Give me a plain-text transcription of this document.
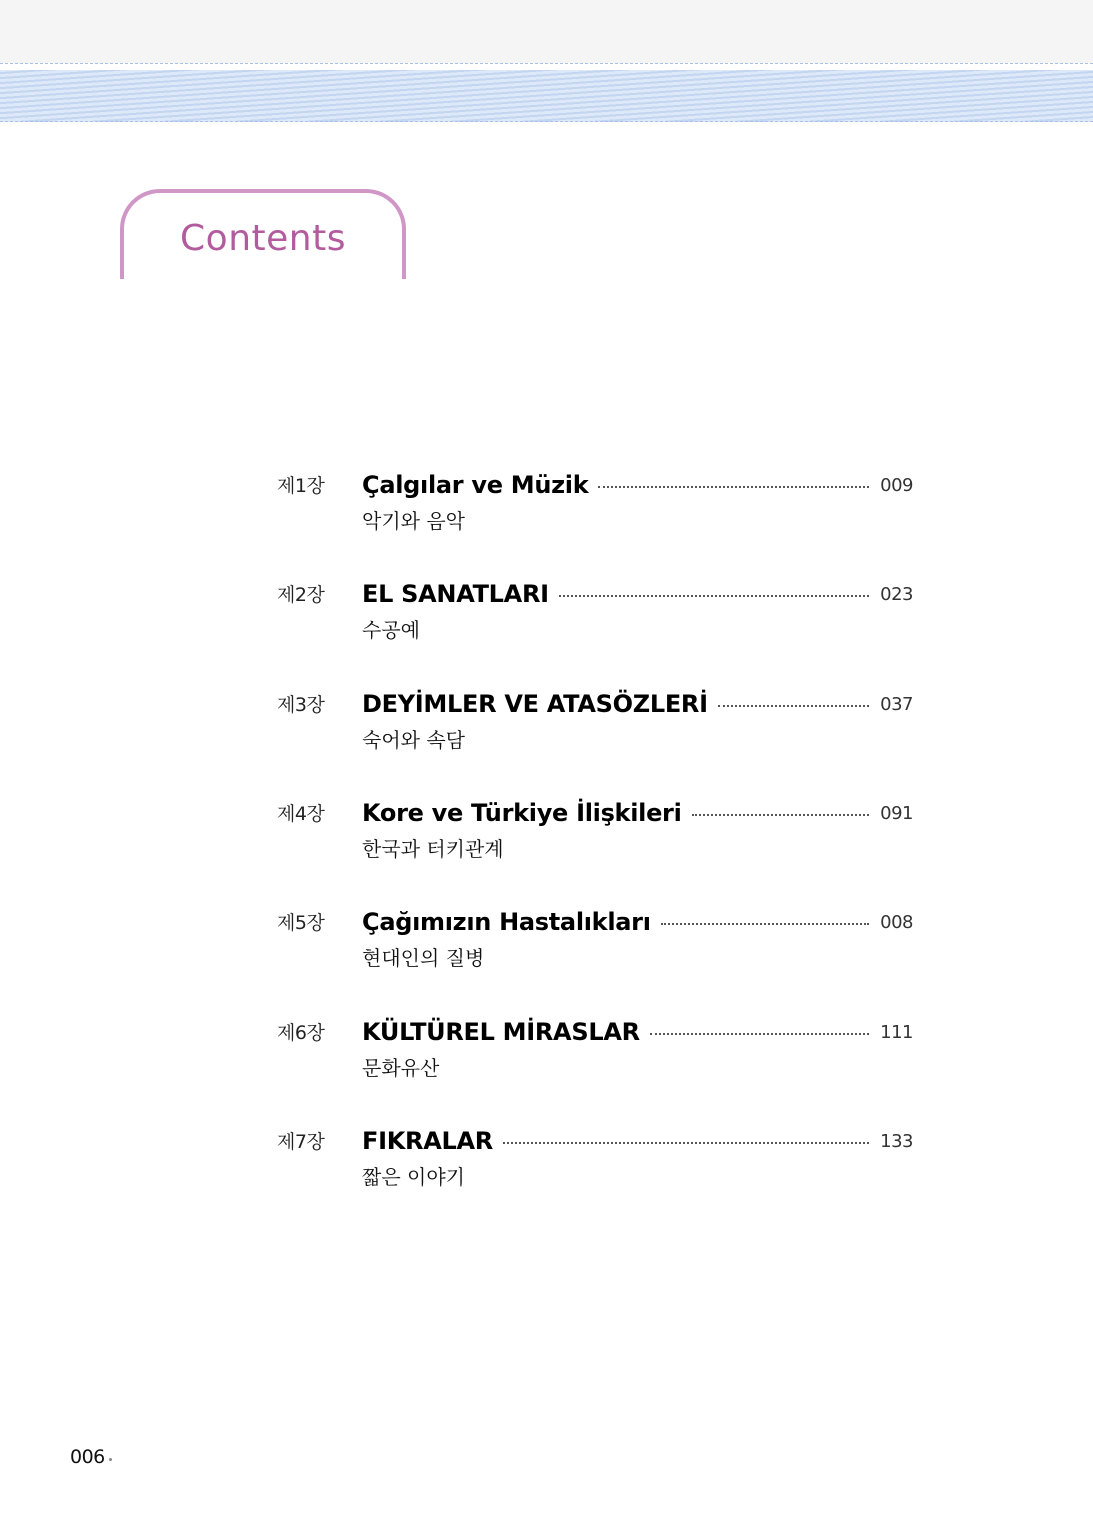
Contents
제1장 Çalgılar ve Müzik	009
악기와 음악
제2장 EL SANATLARI	023
수공예
제3장 DEYİMLER VE ATASÖZLERİ	037
숙어와 속담
제4장 Kore ve Türkiye İlişkileri	091
한국과 터키관계
제5장 Çağımızın Hastalıkları	008
현대인의 질병
제6장 KÜLTÜREL MİRASLAR	111
문화유산
제7장 FIKRALAR	133
짧은 이야기
006
